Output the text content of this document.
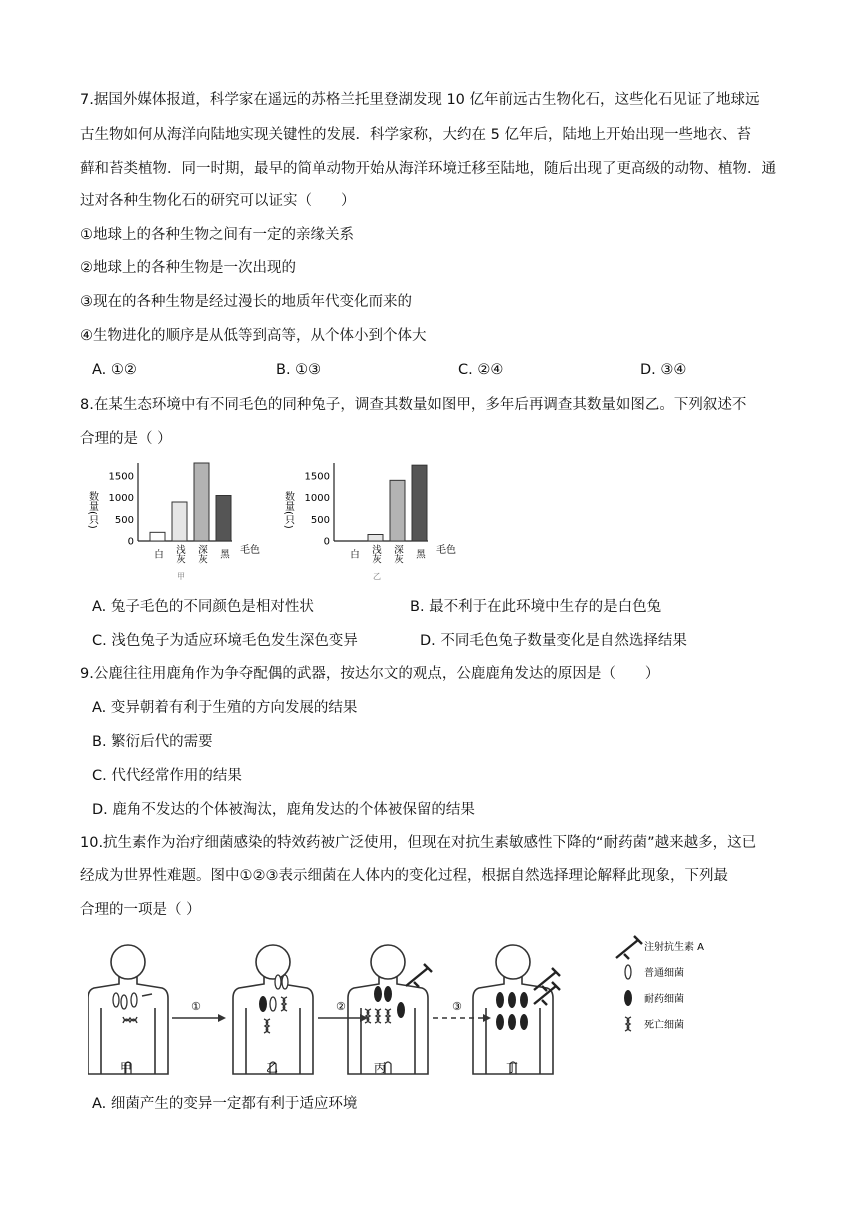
7.据国外媒体报道，科学家在遥远的苏格兰托里登湖发现 10 亿年前远古生物化石，这些化石见证了地球远
古生物如何从海洋向陆地实现关键性的发展．科学家称，大约在 5 亿年后，陆地上开始出现一些地衣、苔
藓和苔类植物．同一时期，最早的简单动物开始从海洋环境迁移至陆地，随后出现了更高级的动物、植物．通
过对各种生物化石的研究可以证实（　　）
①地球上的各种生物之间有一定的亲缘关系
②地球上的各种生物是一次出现的
③现在的各种生物是经过漫长的地质年代变化而来的
④生物进化的顺序是从低等到高等，从个体小到个体大
A. ①②	B. ①③	C. ②④	D. ③④
8.在某生态环境中有不同毛色的同种兔子，调查其数量如图甲，多年后再调查其数量如图乙。下列叙述不
合理的是（ ）
数量(只)
0
500
1000
1500
白 浅灰 深灰 黑 毛色
甲
数量(只)
0
500
1000
1500
白 浅灰 深灰 黑 毛色
乙
A. 兔子毛色的不同颜色是相对性状	B. 最不利于在此环境中生存的是白色兔
C. 浅色兔子为适应环境毛色发生深色变异	D. 不同毛色兔子数量变化是自然选择结果
9.公鹿往往用鹿角作为争夺配偶的武器，按达尔文的观点，公鹿鹿角发达的原因是（　　）
A. 变异朝着有利于生殖的方向发展的结果
B. 繁衍后代的需要
C. 代代经常作用的结果
D. 鹿角不发达的个体被淘汰，鹿角发达的个体被保留的结果
10.抗生素作为治疗细菌感染的特效药被广泛使用，但现在对抗生素敏感性下降的“耐药菌”越来越多，这已
经成为世界性难题。图中①②③表示细菌在人体内的变化过程，根据自然选择理论解释此现象，下列最
合理的一项是（ ）
甲
①
乙
②
丙
③
丁
注射抗生素 A
普通细菌
耐药细菌
死亡细菌
A. 细菌产生的变异一定都有利于适应环境
